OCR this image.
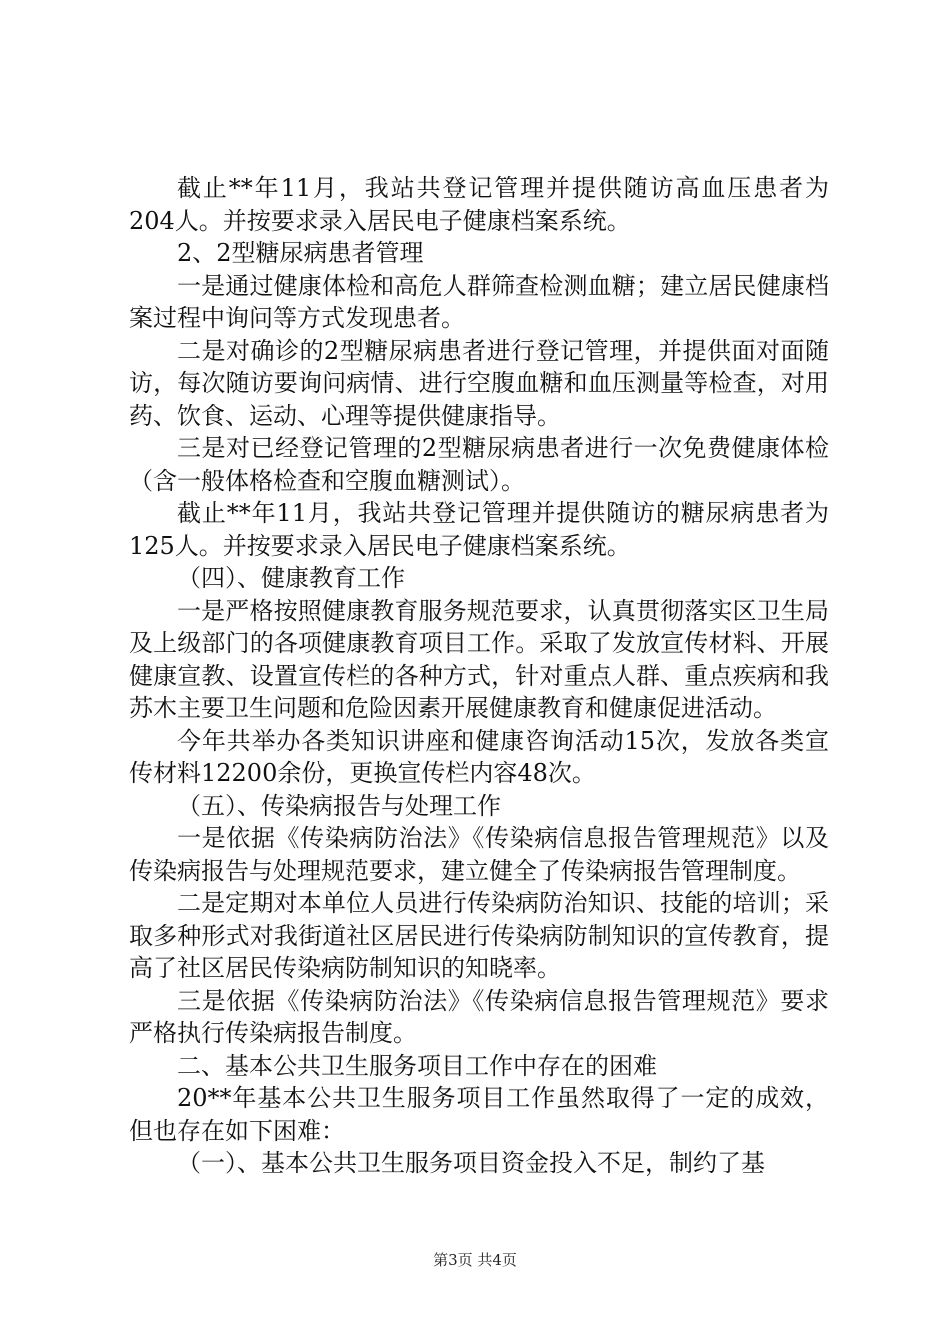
截止**年11月，我站共登记管理并提供随访高血压患者为204人。并按要求录入居民电子健康档案系统。

2、2型糖尿病患者管理

一是通过健康体检和高危人群筛查检测血糖；建立居民健康档案过程中询问等方式发现患者。

二是对确诊的2型糖尿病患者进行登记管理，并提供面对面随访，每次随访要询问病情、进行空腹血糖和血压测量等检查，对用药、饮食、运动、心理等提供健康指导。

三是对已经登记管理的2型糖尿病患者进行一次免费健康体检（含一般体格检查和空腹血糖测试）。

截止**年11月，我站共登记管理并提供随访的糖尿病患者为125人。并按要求录入居民电子健康档案系统。

（四）、健康教育工作

一是严格按照健康教育服务规范要求，认真贯彻落实区卫生局及上级部门的各项健康教育项目工作。采取了发放宣传材料、开展健康宣教、设置宣传栏的各种方式，针对重点人群、重点疾病和我苏木主要卫生问题和危险因素开展健康教育和健康促进活动。

今年共举办各类知识讲座和健康咨询活动15次，发放各类宣传材料12200余份，更换宣传栏内容48次。

（五）、传染病报告与处理工作

一是依据《传染病防治法》《传染病信息报告管理规范》以及传染病报告与处理规范要求，建立健全了传染病报告管理制度。

二是定期对本单位人员进行传染病防治知识、技能的培训；采取多种形式对我街道社区居民进行传染病防制知识的宣传教育，提高了社区居民传染病防制知识的知晓率。

三是依据《传染病防治法》《传染病信息报告管理规范》要求严格执行传染病报告制度。

二、基本公共卫生服务项目工作中存在的困难

20**年基本公共卫生服务项目工作虽然取得了一定的成效，但也存在如下困难：

（一）、基本公共卫生服务项目资金投入不足，制约了基

第3页 共4页
